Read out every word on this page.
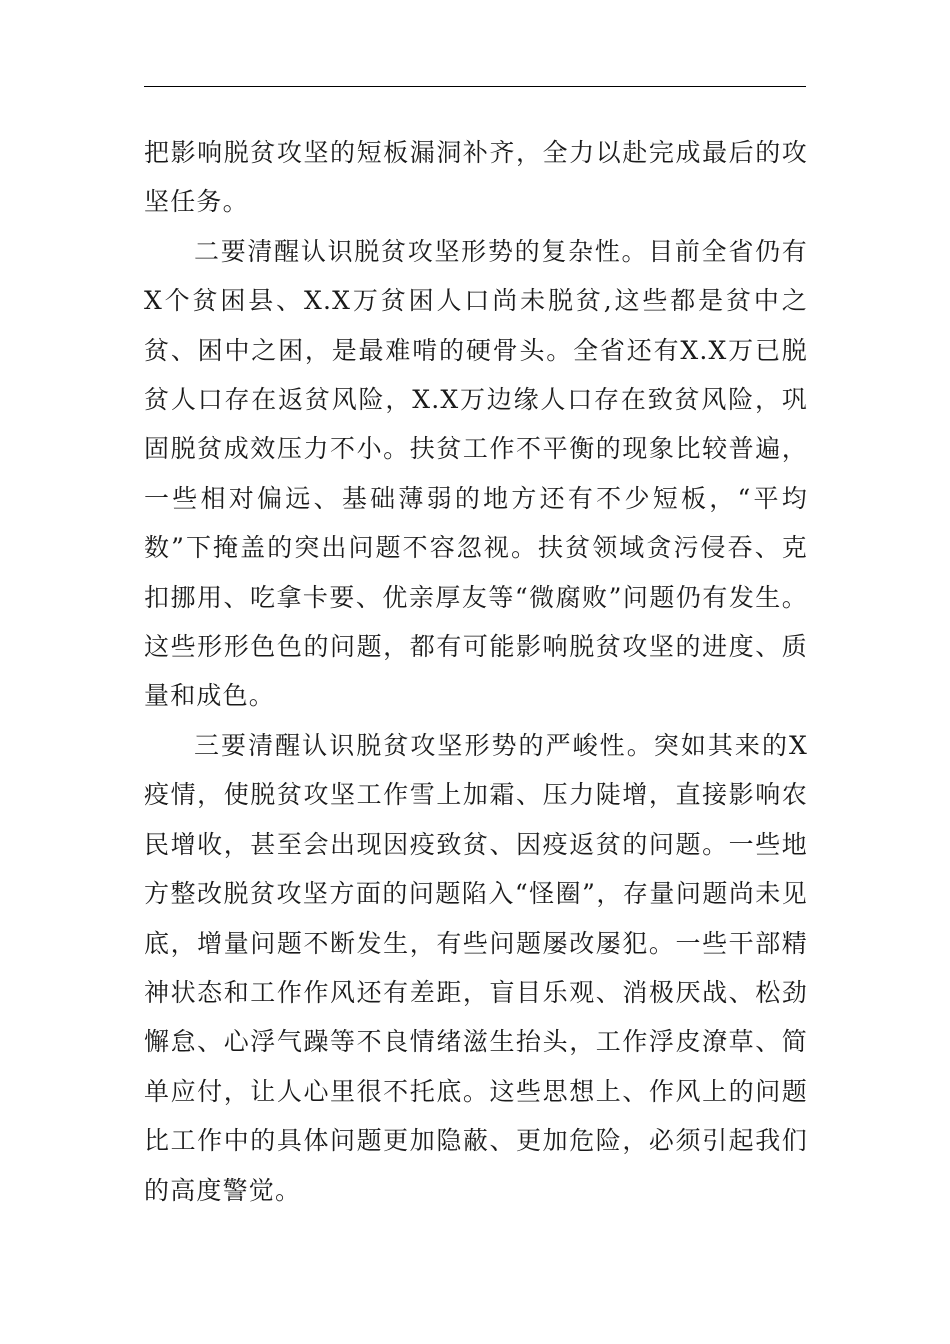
把影响脱贫攻坚的短板漏洞补齐，全力以赴完成最后的攻坚任务。

二要清醒认识脱贫攻坚形势的复杂性。目前全省仍有X个贫困县、X.X万贫困人口尚未脱贫,这些都是贫中之贫、困中之困，是最难啃的硬骨头。全省还有X.X万已脱贫人口存在返贫风险，X.X万边缘人口存在致贫风险，巩固脱贫成效压力不小。扶贫工作不平衡的现象比较普遍，一些相对偏远、基础薄弱的地方还有不少短板，“平均数”下掩盖的突出问题不容忽视。扶贫领域贪污侵吞、克扣挪用、吃拿卡要、优亲厚友等“微腐败”问题仍有发生。这些形形色色的问题，都有可能影响脱贫攻坚的进度、质量和成色。

三要清醒认识脱贫攻坚形势的严峻性。突如其来的X疫情，使脱贫攻坚工作雪上加霜、压力陡增，直接影响农民增收，甚至会出现因疫致贫、因疫返贫的问题。一些地方整改脱贫攻坚方面的问题陷入“怪圈”，存量问题尚未见底，增量问题不断发生，有些问题屡改屡犯。一些干部精神状态和工作作风还有差距，盲目乐观、消极厌战、松劲懈怠、心浮气躁等不良情绪滋生抬头，工作浮皮潦草、简单应付，让人心里很不托底。这些思想上、作风上的问题比工作中的具体问题更加隐蔽、更加危险，必须引起我们的高度警觉。
